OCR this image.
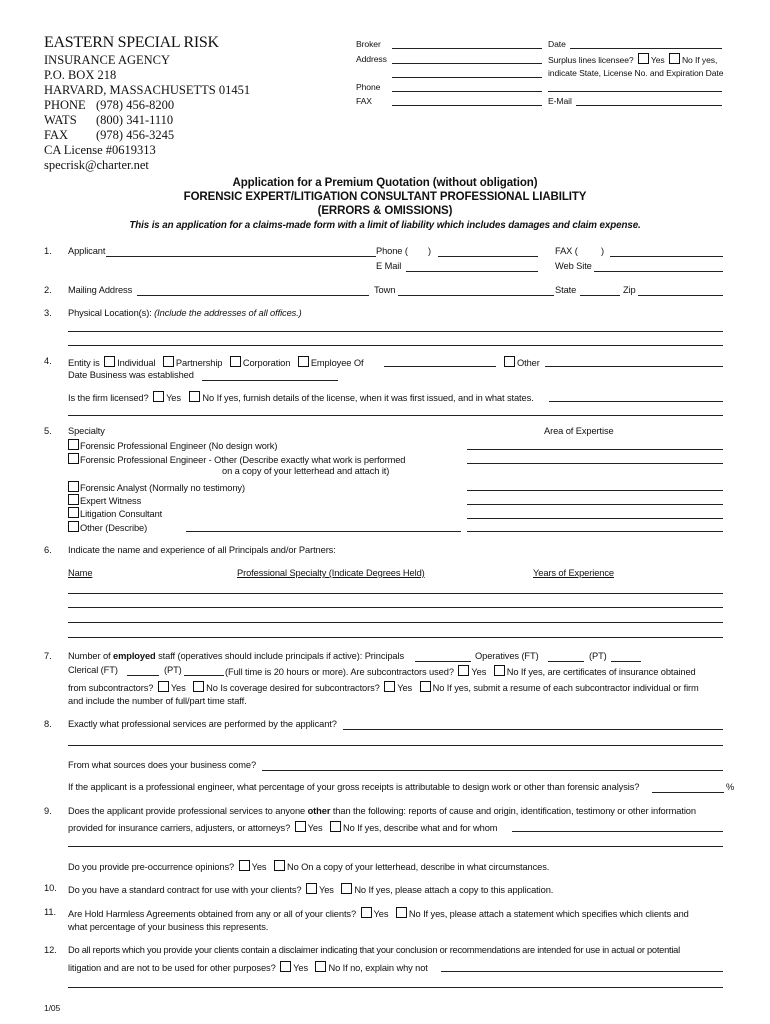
EASTERN SPECIAL RISK
INSURANCE AGENCY
P.O. BOX 218
HARVARD, MASSACHUSETTS 01451
PHONE (978) 456-8200
WATS (800) 341-1110
FAX (978) 456-3245
CA License #0619313
specrisk@charter.net
Broker
Address
Phone
FAX
Date
Surplus lines licensee? Yes No If yes,
indicate State, License No. and Expiration Date
E-Mail
Application for a Premium Quotation (without obligation)
FORENSIC EXPERT/LITIGATION CONSULTANT PROFESSIONAL LIABILITY
(ERRORS & OMISSIONS)
This is an application for a claims-made form with a limit of liability which includes damages and claim expense.
1. Applicant	Phone ( )	FAX (	)
E Mail	Web Site
2. Mailing Address	Town	State	Zip
3. Physical Location(s): (Include the addresses of all offices.)
4. Entity is Individual Partnership Corporation Employee Of	Other
Date Business was established
Is the firm licensed? Yes No If yes, furnish details of the license, when it was first issued, and in what states.
5. Specialty	Area of Expertise
Forensic Professional Engineer (No design work)
Forensic Professional Engineer - Other (Describe exactly what work is performed
on a copy of your letterhead and attach it)
Forensic Analyst (Normally no testimony)
Expert Witness
Litigation Consultant
Other (Describe)
6. Indicate the name and experience of all Principals and/or Partners:
Name	Professional Specialty (Indicate Degrees Held)	Years of Experience
7. Number of employed staff (operatives should include principals if active): Principals	Operatives (FT)	(PT)
Clerical (FT)	(PT)	(Full time is 20 hours or more). Are subcontractors used? Yes No If yes, are certificates of insurance obtained
from subcontractors? Yes No Is coverage desired for subcontractors? Yes No If yes, submit a resume of each subcontractor individual or firm
and include the number of full/part time staff.
8. Exactly what professional services are performed by the applicant?
From what sources does your business come?
If the applicant is a professional engineer, what percentage of your gross receipts is attributable to design work or other than forensic analysis?	%
9. Does the applicant provide professional services to anyone other than the following: reports of cause and origin, identification, testimony or other information
provided for insurance carriers, adjusters, or attorneys? Yes No If yes, describe what and for whom
Do you provide pre-occurrence opinions? Yes No On a copy of your letterhead, describe in what circumstances.
10. Do you have a standard contract for use with your clients? Yes No If yes, please attach a copy to this application.
11. Are Hold Harmless Agreements obtained from any or all of your clients? Yes No If yes, please attach a statement which specifies which clients and
what percentage of your business this represents.
12. Do all reports which you provide your clients contain a disclaimer indicating that your conclusion or recommendations are intended for use in actual or potential
litigation and are not to be used for other purposes? Yes No If no, explain why not
1/05
